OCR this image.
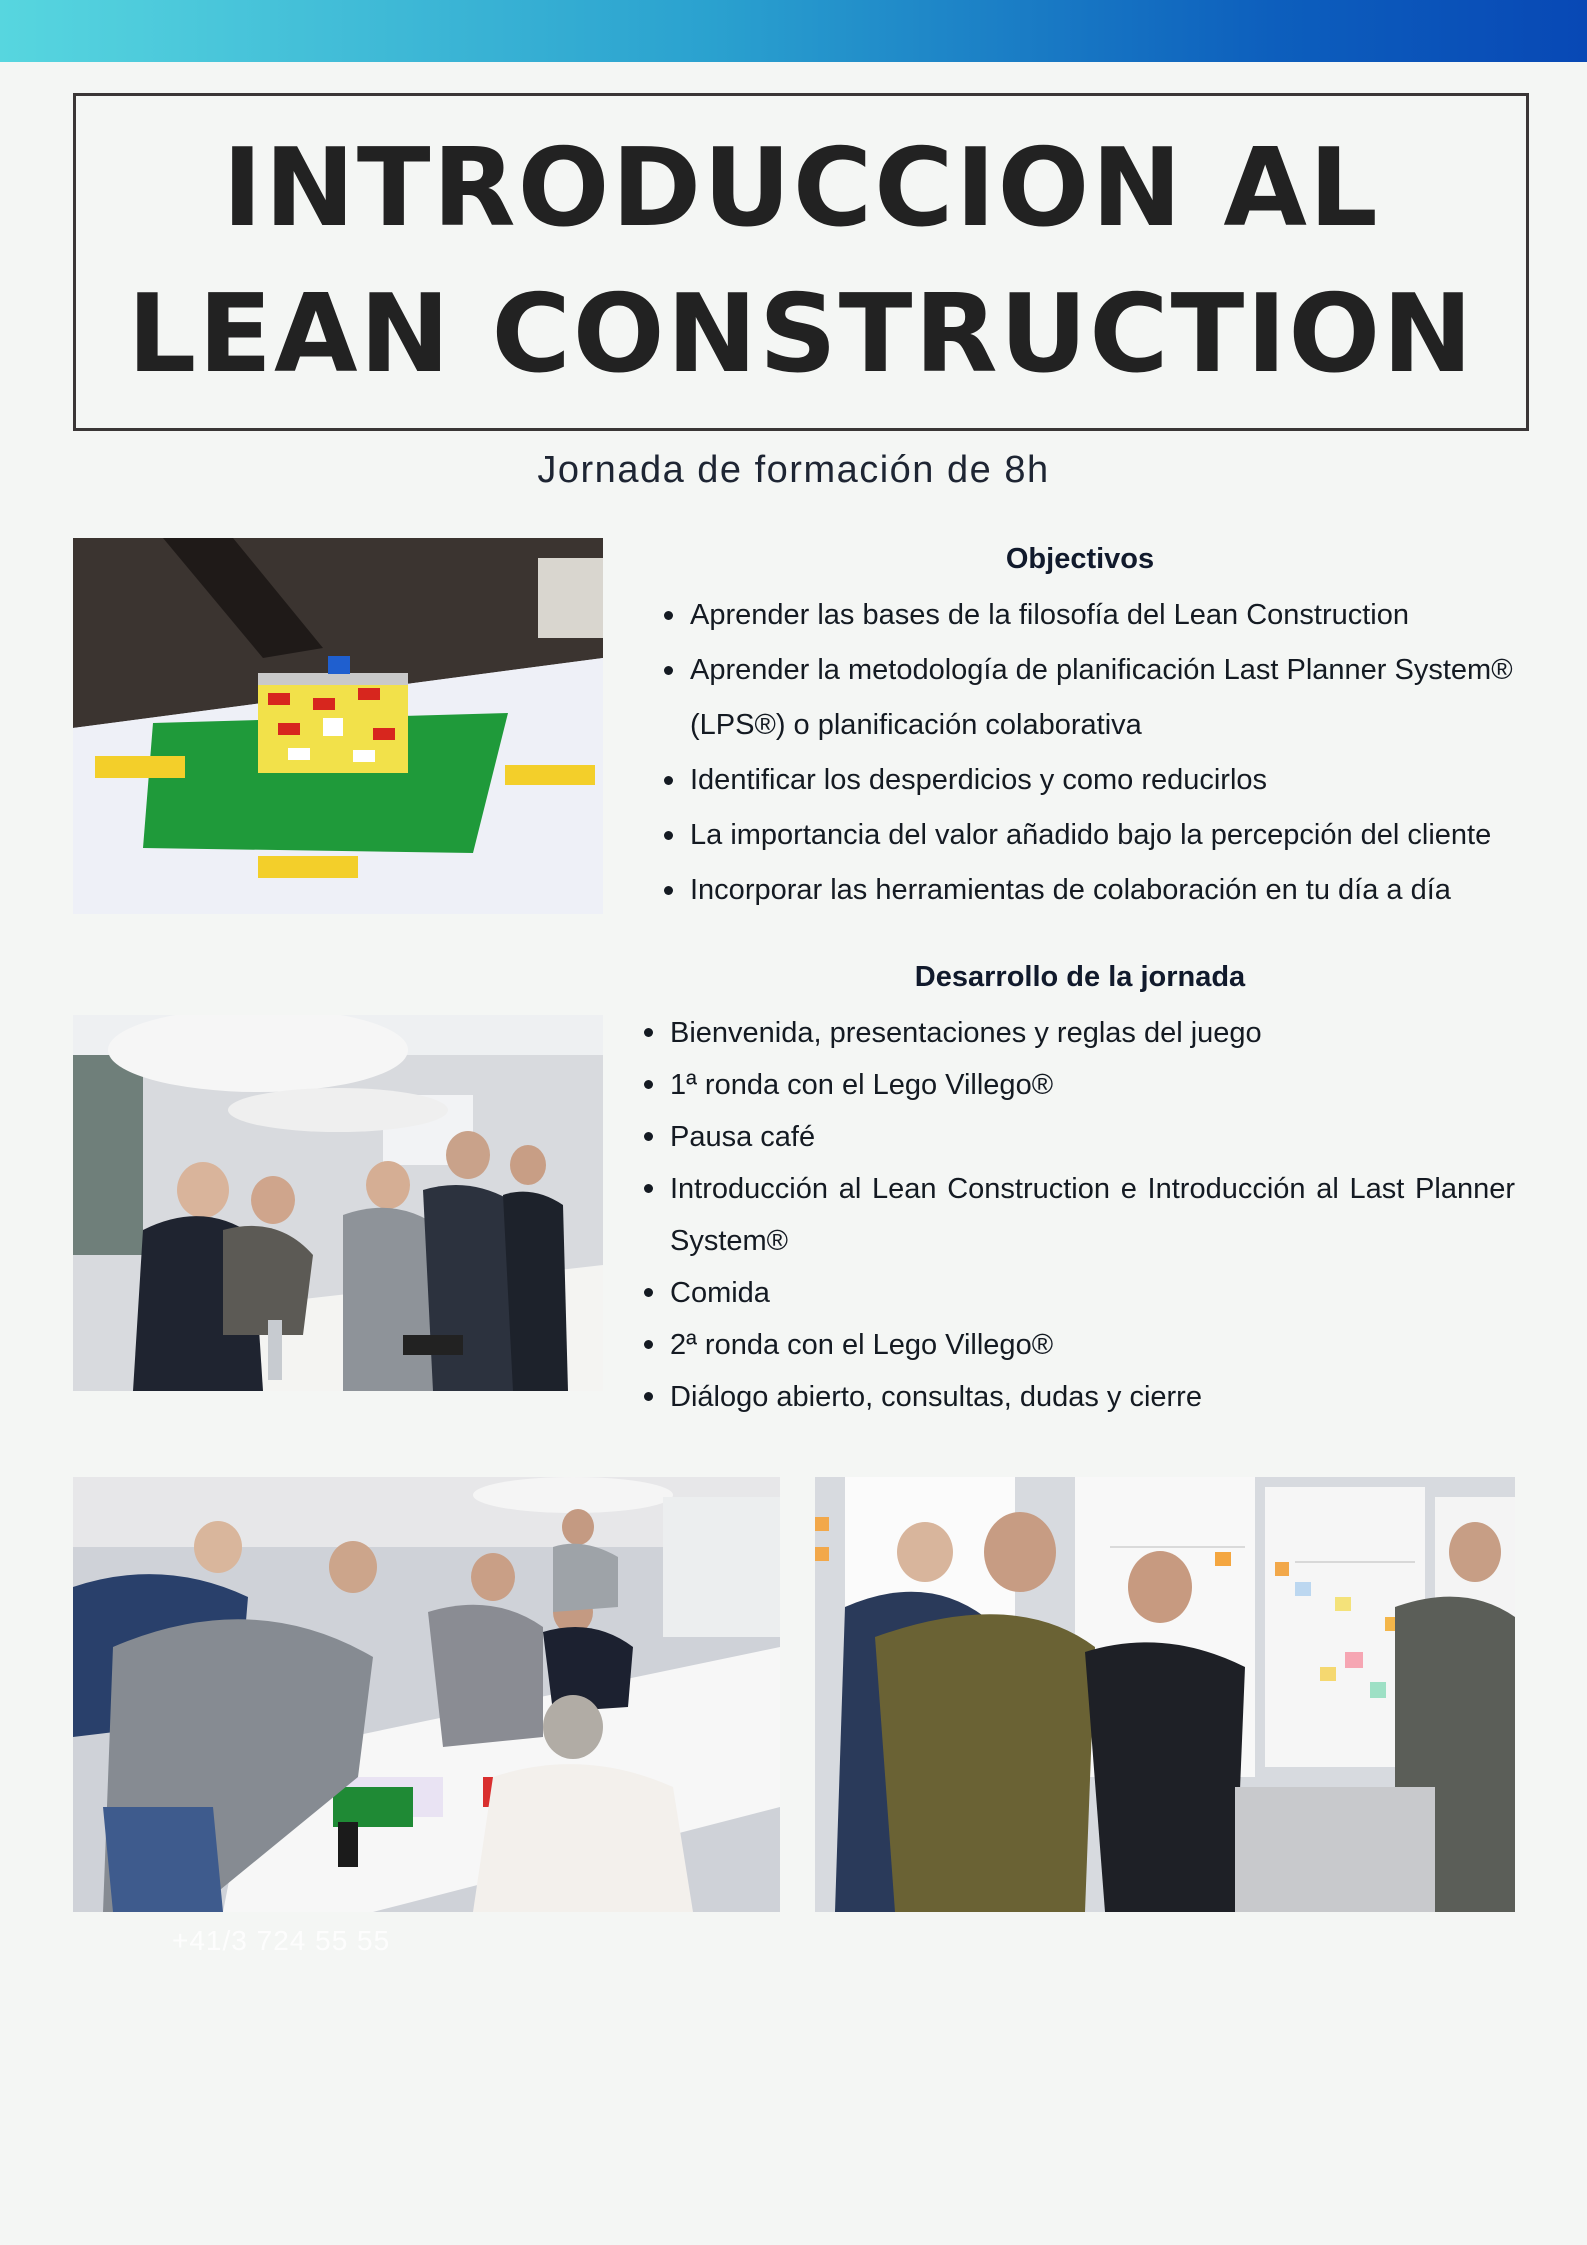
INTRODUCCION AL
LEAN CONSTRUCTION
Jornada de formación de 8h
Objectivos
Aprender las bases de la filosofía del Lean Construction
Aprender la metodología de planificación Last Planner System® (LPS®) o planificación colaborativa
Identificar los desperdicios y como reducirlos
La importancia del valor añadido bajo la percepción del cliente
Incorporar las herramientas de colaboración en tu día a día
Desarrollo de la jornada
Bienvenida, presentaciones y reglas del juego
1ª ronda con el Lego Villego®
Pausa café
Introducción al Lean Construction e Introducción al Last Planner System®
Comida
2ª ronda con el Lego Villego®
Diálogo abierto, consultas, dudas y cierre
+41/3 724 55 55
